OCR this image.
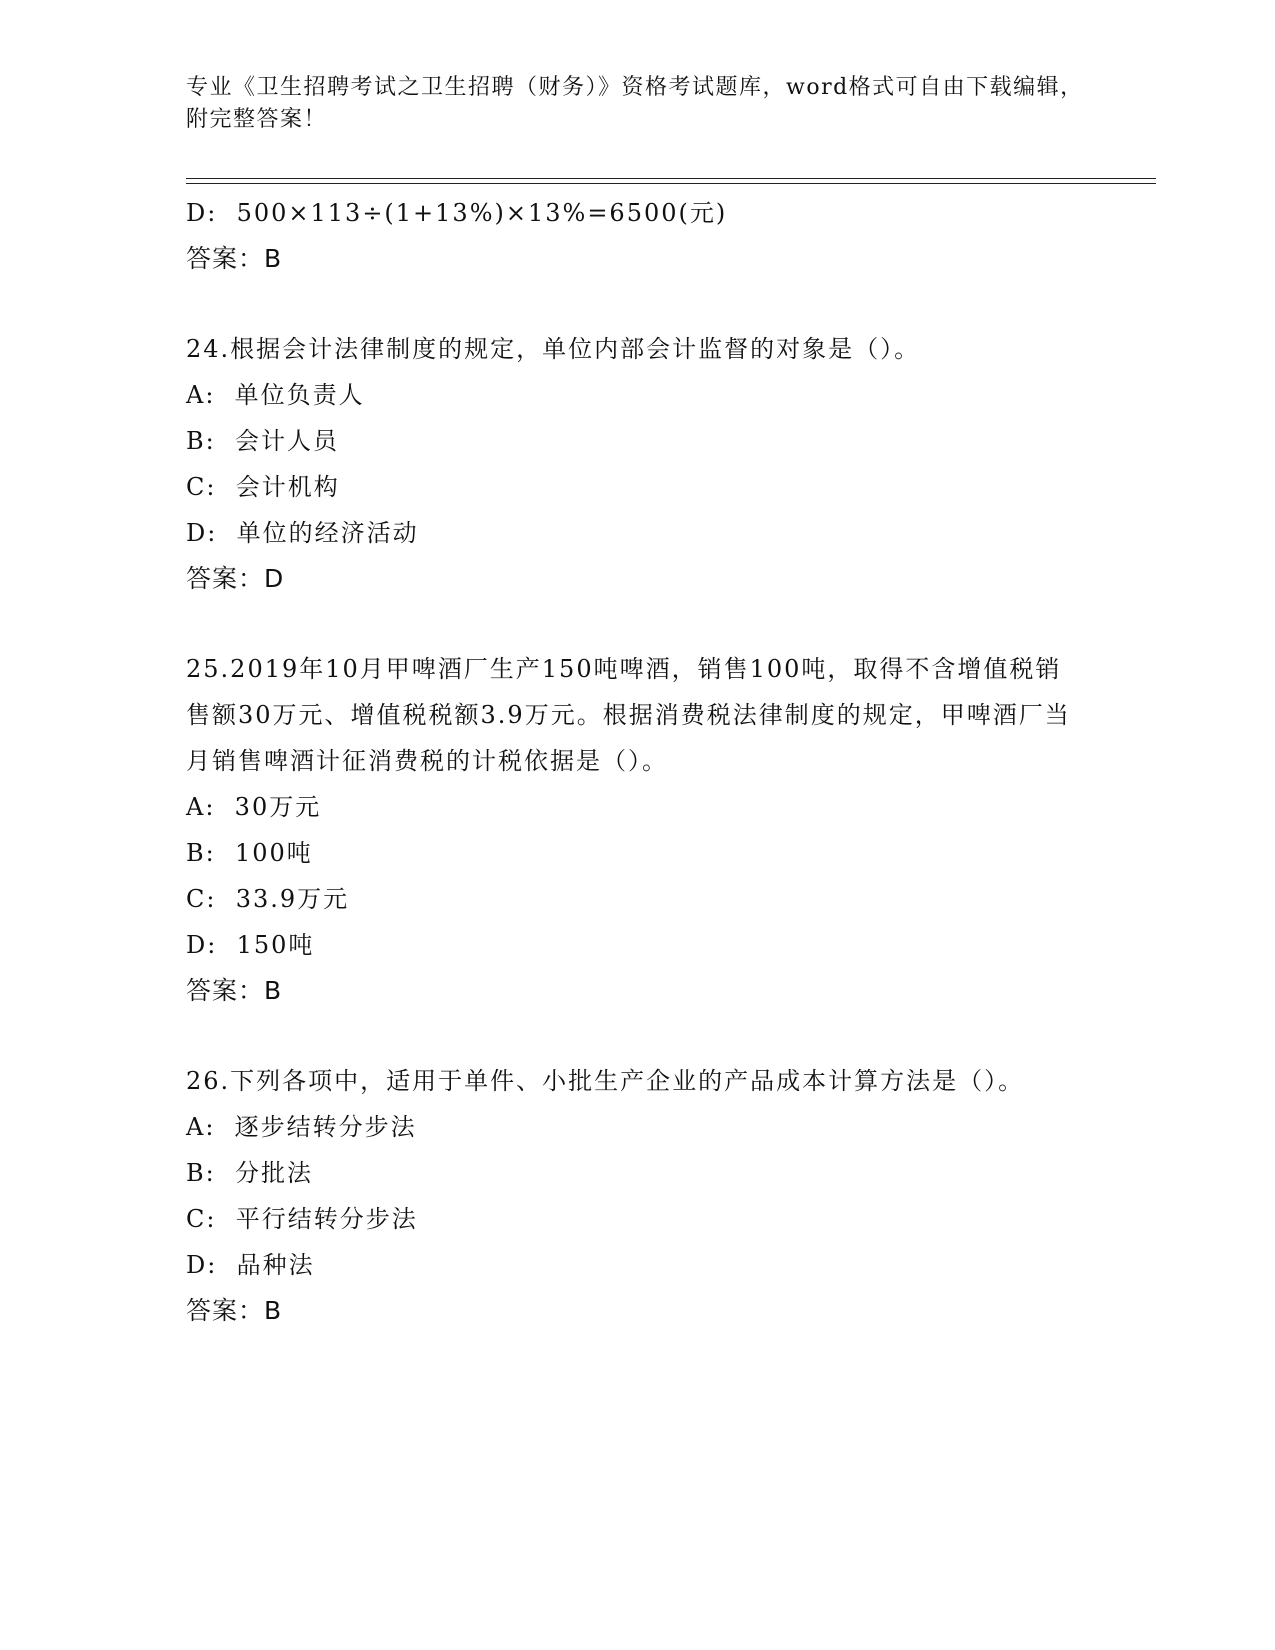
专业《卫生招聘考试之卫生招聘（财务）》资格考试题库，word格式可自由下载编辑，附完整答案！
D:  500×113÷(1+13%)×13%=6500(元)
答案：B
24.根据会计法律制度的规定，单位内部会计监督的对象是（）。
A:  单位负责人
B:  会计人员
C:  会计机构
D:  单位的经济活动
答案：D
25.2019年10月甲啤酒厂生产150吨啤酒，销售100吨，取得不含增值税销售额30万元、增值税税额3.9万元。根据消费税法律制度的规定，甲啤酒厂当月销售啤酒计征消费税的计税依据是（）。
A:  30万元
B:  100吨
C:  33.9万元
D:  150吨
答案：B
26.下列各项中，适用于单件、小批生产企业的产品成本计算方法是（）。
A:  逐步结转分步法
B:  分批法
C:  平行结转分步法
D:  品种法
答案：B
